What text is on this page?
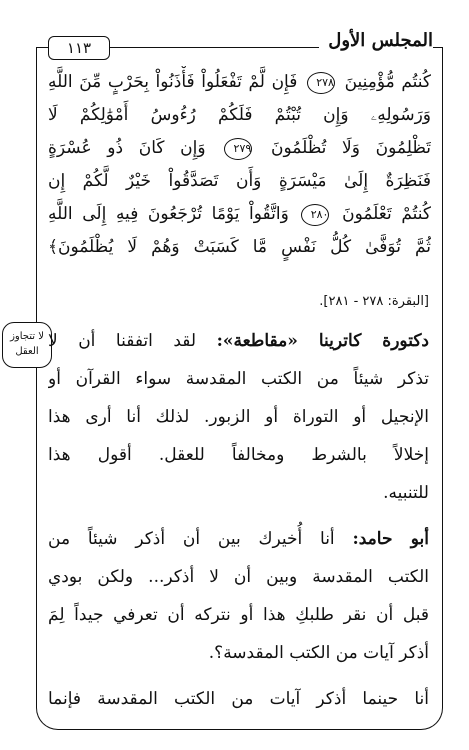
١١٣	المجلس الأول
كُنتُم مُّؤْمِنِينَ ٢٧٨ فَإِن لَّمْ تَفْعَلُواْ فَأْذَنُواْ بِحَرْبٍ مِّنَ اللَّهِ
وَرَسُولِهِۦ وَإِن تُبْتُمْ فَلَكُمْ رُءُوسُ أَمْوَٰلِكُمْ لَا
تَظْلِمُونَ وَلَا تُظْلَمُونَ ٢٧٩ وَإِن كَانَ ذُو عُسْرَةٍ
فَنَظِرَةٌ إِلَىٰ مَيْسَرَةٍ وَأَن تَصَدَّقُواْ خَيْرٌ لَّكُمْ إِن
كُنتُمْ تَعْلَمُونَ ٢٨٠ وَاتَّقُواْ يَوْمًا تُرْجَعُونَ فِيهِ إِلَى اللَّهِ
ثُمَّ تُوَفَّىٰ كُلُّ نَفْسٍ مَّا كَسَبَتْ وَهُمْ لَا يُظْلَمُونَ﴾
[البقرة: ٢٧٨ - ٢٨١].
لا تتجاوز العقل
دكتورة كاترينا «مقاطعة»: لقد اتفقنا أن لا
تذكر شيئاً من الكتب المقدسة سواء القرآن أو
الإنجيل أو التوراة أو الزبور. لذلك أنا أرى هذا
إخلالاً بالشرط ومخالفاً للعقل. أقول هذا
للتنبيه.
أبو حامد: أنا أُخيرك بين أن أذكر شيئاً من
الكتب المقدسة وبين أن لا أذكر... ولكن بودي
قبل أن نقر طلبكِ هذا أو نتركه أن تعرفي جيداً لِمَ
أذكر آيات من الكتب المقدسة؟.
أنا حينما أذكر آيات من الكتب المقدسة فإنما
